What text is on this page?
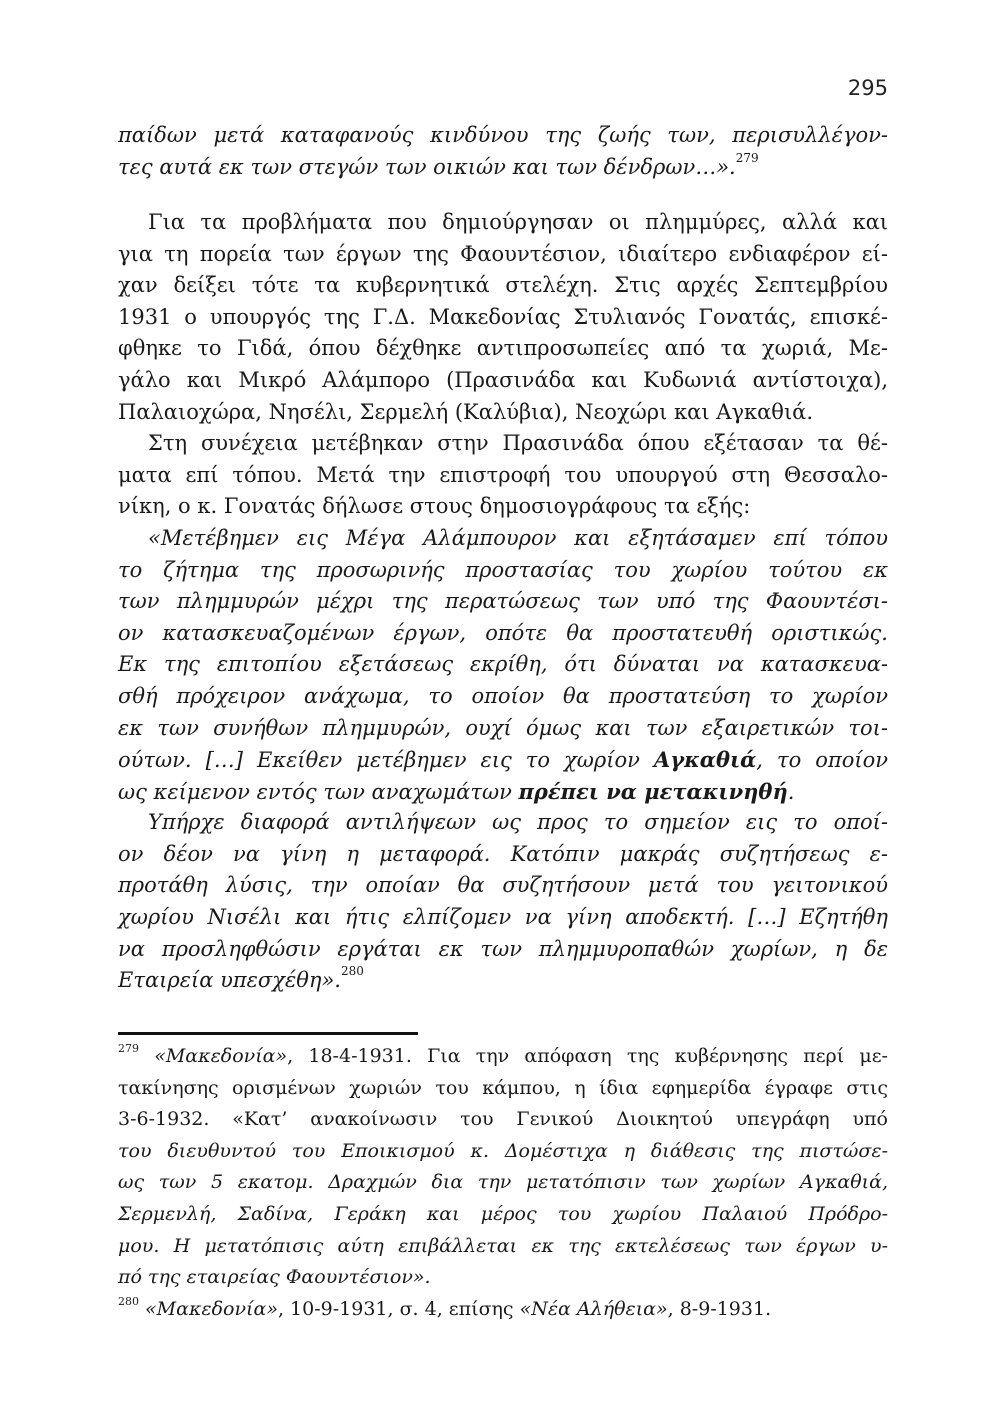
295
παίδων μετά καταφανούς κινδύνου της ζωής των, περισυλλέγον-
τες αυτά εκ των στεγών των οικιών και των δένδρων…».$^{279}$
Για τα προβλήματα που δημιούργησαν οι πλημμύρες, αλλά και
για τη πορεία των έργων της Φαουντέσιον, ιδιαίτερο ενδιαφέρον εί-
χαν δείξει τότε τα κυβερνητικά στελέχη. Στις αρχές Σεπτεμβρίου
1931 ο υπουργός της Γ.Δ. Μακεδονίας Στυλιανός Γονατάς, επισκέ-
φθηκε το Γιδά, όπου δέχθηκε αντιπροσωπείες από τα χωριά, Με-
γάλο και Μικρό Αλάμπορο (Πρασινάδα και Κυδωνιά αντίστοιχα),
Παλαιοχώρα, Νησέλι, Σερμελή (Καλύβια), Νεοχώρι και Αγκαθιά.
Στη συνέχεια μετέβηκαν στην Πρασινάδα όπου εξέτασαν τα θέ-
ματα επί τόπου. Μετά την επιστροφή του υπουργού στη Θεσσαλο-
νίκη, ο κ. Γονατάς δήλωσε στους δημοσιογράφους τα εξής:
«Μετέβημεν εις Μέγα Αλάμπουρον και εξητάσαμεν επί τόπου
το ζήτημα της προσωρινής προστασίας του χωρίου τούτου εκ
των πλημμυρών μέχρι της περατώσεως των υπό της Φαουντέσι-
ον κατασκευαζομένων έργων, οπότε θα προστατευθή οριστικώς.
Εκ της επιτοπίου εξετάσεως εκρίθη, ότι δύναται να κατασκευα-
σθή πρόχειρον ανάχωμα, το οποίον θα προστατεύση το χωρίον
εκ των συνήθων πλημμυρών, ουχί όμως και των εξαιρετικών τοι-
ούτων. […] Εκείθεν μετέβημεν εις το χωρίον Αγκαθιά, το οποίον
ως κείμενον εντός των αναχωμάτων πρέπει να μετακινηθή.
Υπήρχε διαφορά αντιλήψεων ως προς το σημείον εις το οποί-
ον δέον να γίνη η μεταφορά. Κατόπιν μακράς συζητήσεως ε-
προτάθη λύσις, την οποίαν θα συζητήσουν μετά του γειτονικού
χωρίου Νισέλι και ήτις ελπίζομεν να γίνη αποδεκτή. […] Εζητήθη
να προσληφθώσιν εργάται εκ των πλημμυροπαθών χωρίων, η δε
Εταιρεία υπεσχέθη».$^{280}$
$^{279}$ «Μακεδονία», 18-4-1931. Για την απόφαση της κυβέρνησης περί με-
τακίνησης ορισμένων χωριών του κάμπου, η ίδια εφημερίδα έγραφε στις
3-6-1932. «Κατ’ ανακοίνωσιν του Γενικού Διοικητού υπεγράφη υπό
του διευθυντού του Εποικισμού κ. Δομέστιχα η διάθεσις της πιστώσε-
ως των 5 εκατομ. Δραχμών δια την μετατόπισιν των χωρίων Αγκαθιά,
Σερμενλή, Σαδίνα, Γεράκη και μέρος του χωρίου Παλαιού Πρόδρο-
μου. Η μετατόπισις αύτη επιβάλλεται εκ της εκτελέσεως των έργων υ-
πό της εταιρείας Φαουντέσιον».
$^{280}$ «Μακεδονία», 10-9-1931, σ. 4, επίσης «Νέα Αλήθεια», 8-9-1931.
